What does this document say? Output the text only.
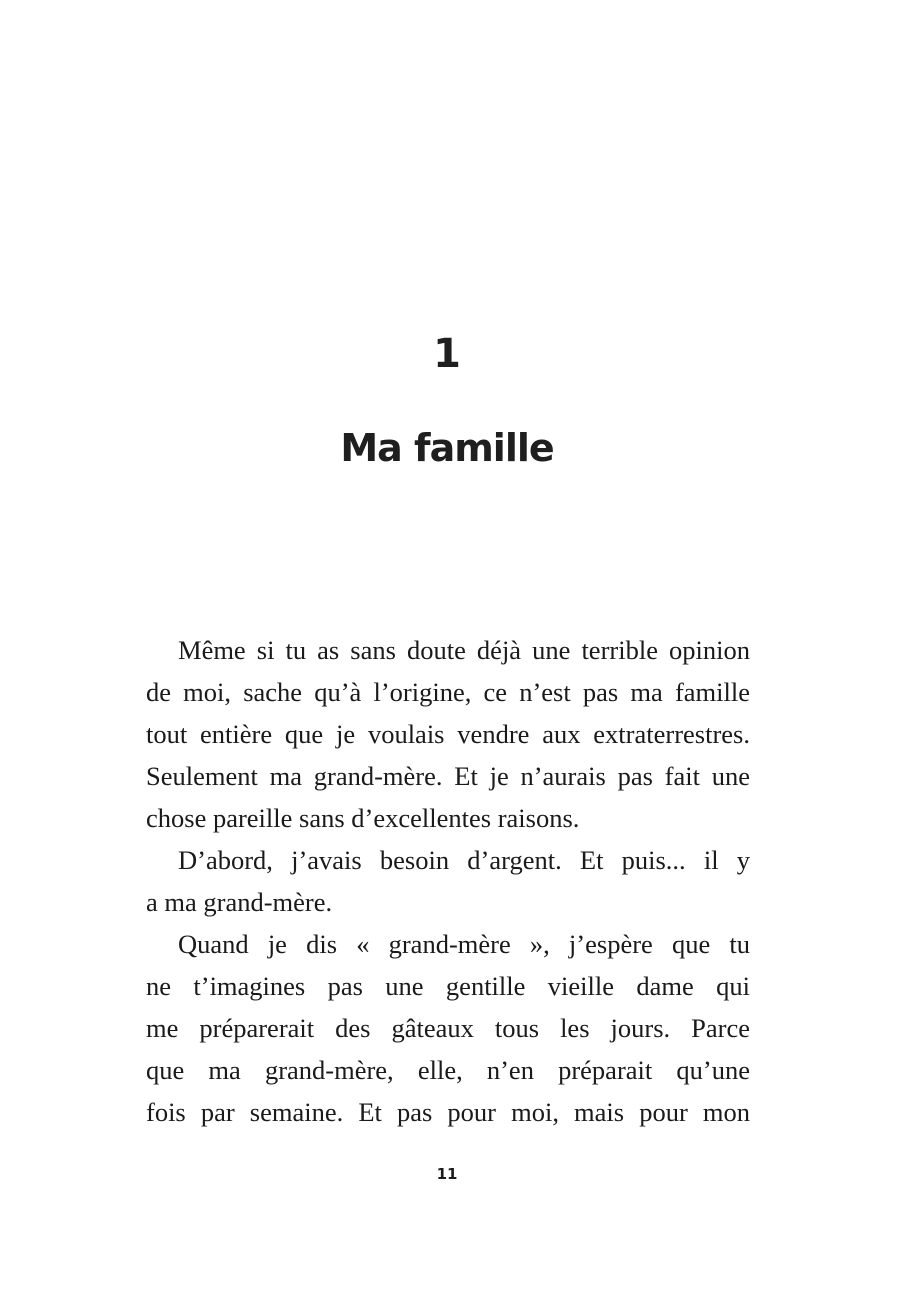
1
Ma famille
Même si tu as sans doute déjà une terrible opinion
de moi, sache qu’à l’origine, ce n’est pas ma famille
tout entière que je voulais vendre aux extraterrestres.
Seulement ma grand-mère. Et je n’aurais pas fait une
chose pareille sans d’excellentes raisons.
D’abord, j’avais besoin d’argent. Et puis... il y
a ma grand-mère.
Quand je dis « grand-mère », j’espère que tu
ne t’imagines pas une gentille vieille dame qui
me préparerait des gâteaux tous les jours. Parce
que ma grand-mère, elle, n’en préparait qu’une
fois par semaine. Et pas pour moi, mais pour mon
11
